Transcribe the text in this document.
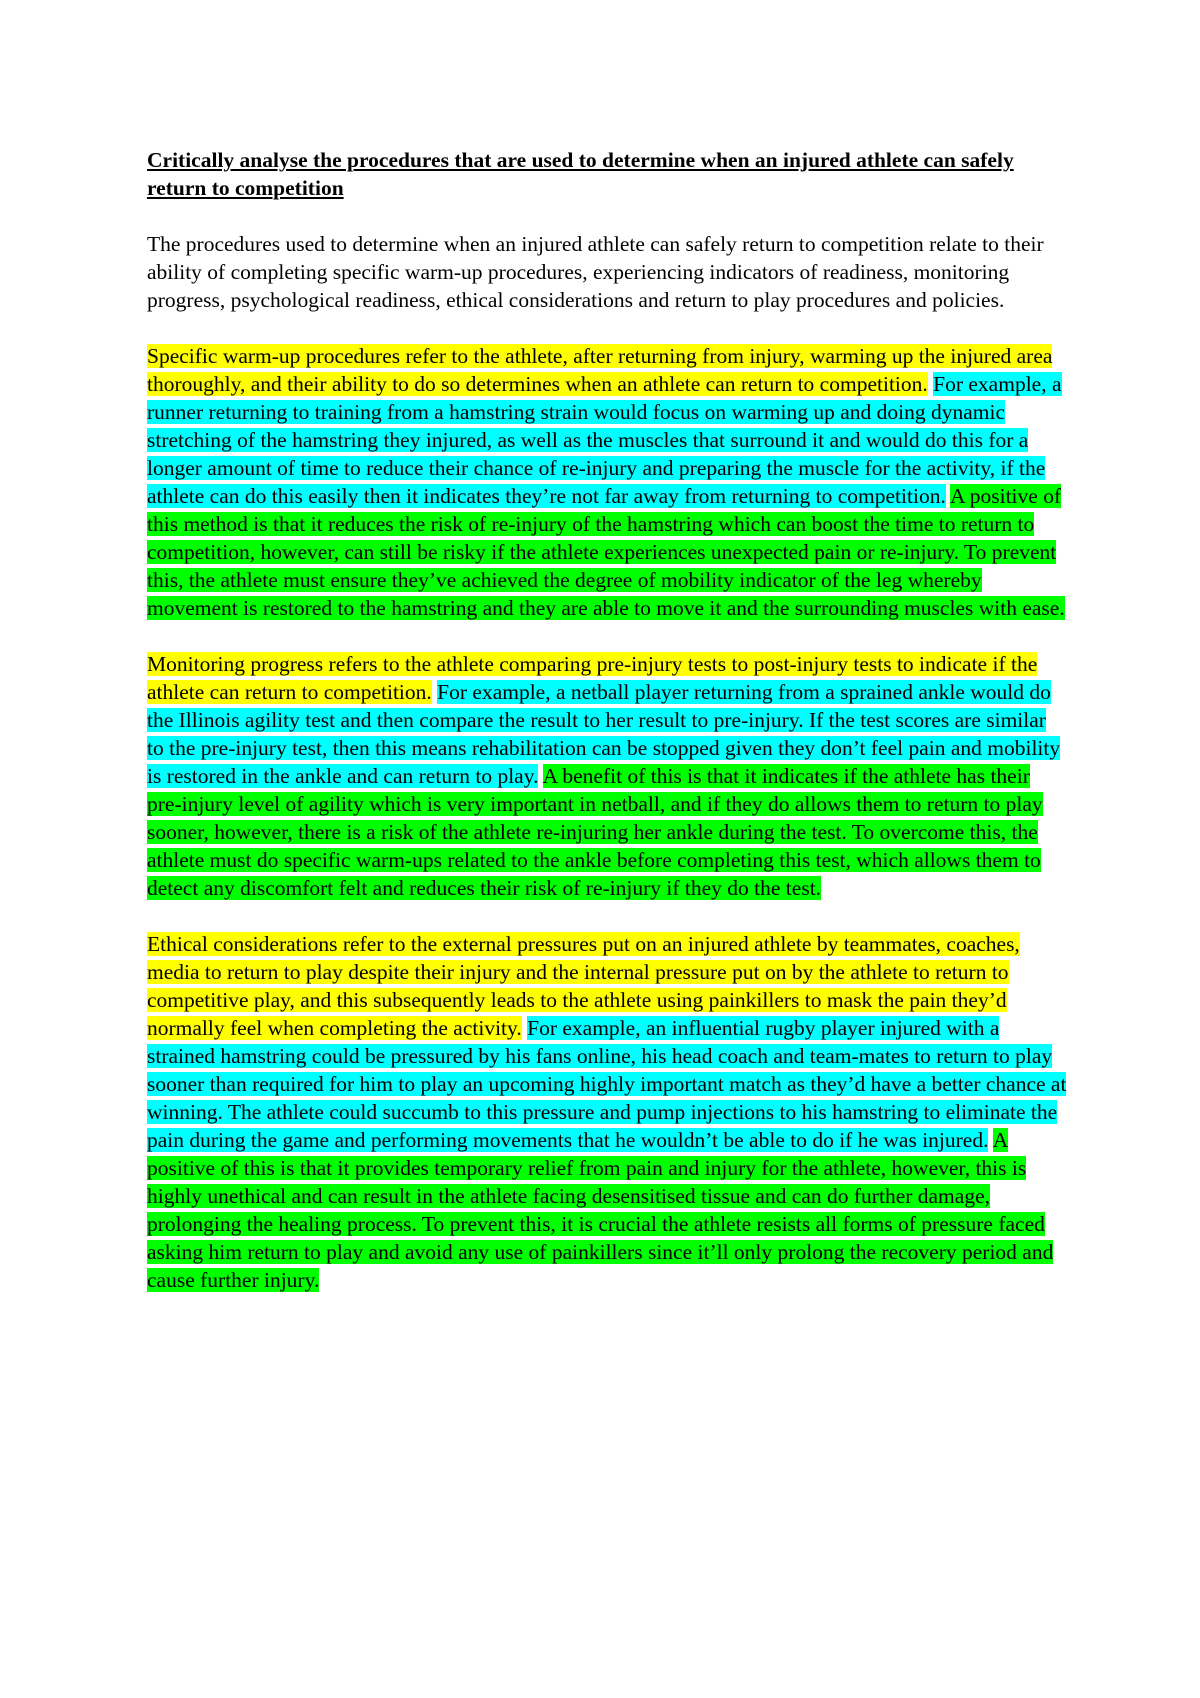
Critically analyse the procedures that are used to determine when an injured athlete can safely return to competition
The procedures used to determine when an injured athlete can safely return to competition relate to their ability of completing specific warm-up procedures, experiencing indicators of readiness, monitoring progress, psychological readiness, ethical considerations and return to play procedures and policies.
Specific warm-up procedures refer to the athlete, after returning from injury, warming up the injured area thoroughly, and their ability to do so determines when an athlete can return to competition. For example, a runner returning to training from a hamstring strain would focus on warming up and doing dynamic stretching of the hamstring they injured, as well as the muscles that surround it and would do this for a longer amount of time to reduce their chance of re-injury and preparing the muscle for the activity, if the athlete can do this easily then it indicates they’re not far away from returning to competition. A positive of this method is that it reduces the risk of re-injury of the hamstring which can boost the time to return to competition, however, can still be risky if the athlete experiences unexpected pain or re-injury. To prevent this, the athlete must ensure they’ve achieved the degree of mobility indicator of the leg whereby movement is restored to the hamstring and they are able to move it and the surrounding muscles with ease.
Monitoring progress refers to the athlete comparing pre-injury tests to post-injury tests to indicate if the athlete can return to competition. For example, a netball player returning from a sprained ankle would do the Illinois agility test and then compare the result to her result to pre-injury. If the test scores are similar to the pre-injury test, then this means rehabilitation can be stopped given they don’t feel pain and mobility is restored in the ankle and can return to play. A benefit of this is that it indicates if the athlete has their pre-injury level of agility which is very important in netball, and if they do allows them to return to play sooner, however, there is a risk of the athlete re-injuring her ankle during the test. To overcome this, the athlete must do specific warm-ups related to the ankle before completing this test, which allows them to detect any discomfort felt and reduces their risk of re-injury if they do the test.
Ethical considerations refer to the external pressures put on an injured athlete by teammates, coaches, media to return to play despite their injury and the internal pressure put on by the athlete to return to competitive play, and this subsequently leads to the athlete using painkillers to mask the pain they’d normally feel when completing the activity. For example, an influential rugby player injured with a strained hamstring could be pressured by his fans online, his head coach and team-mates to return to play sooner than required for him to play an upcoming highly important match as they’d have a better chance at winning. The athlete could succumb to this pressure and pump injections to his hamstring to eliminate the pain during the game and performing movements that he wouldn’t be able to do if he was injured. A positive of this is that it provides temporary relief from pain and injury for the athlete, however, this is highly unethical and can result in the athlete facing desensitised tissue and can do further damage, prolonging the healing process. To prevent this, it is crucial the athlete resists all forms of pressure faced asking him return to play and avoid any use of painkillers since it’ll only prolong the recovery period and cause further injury.
